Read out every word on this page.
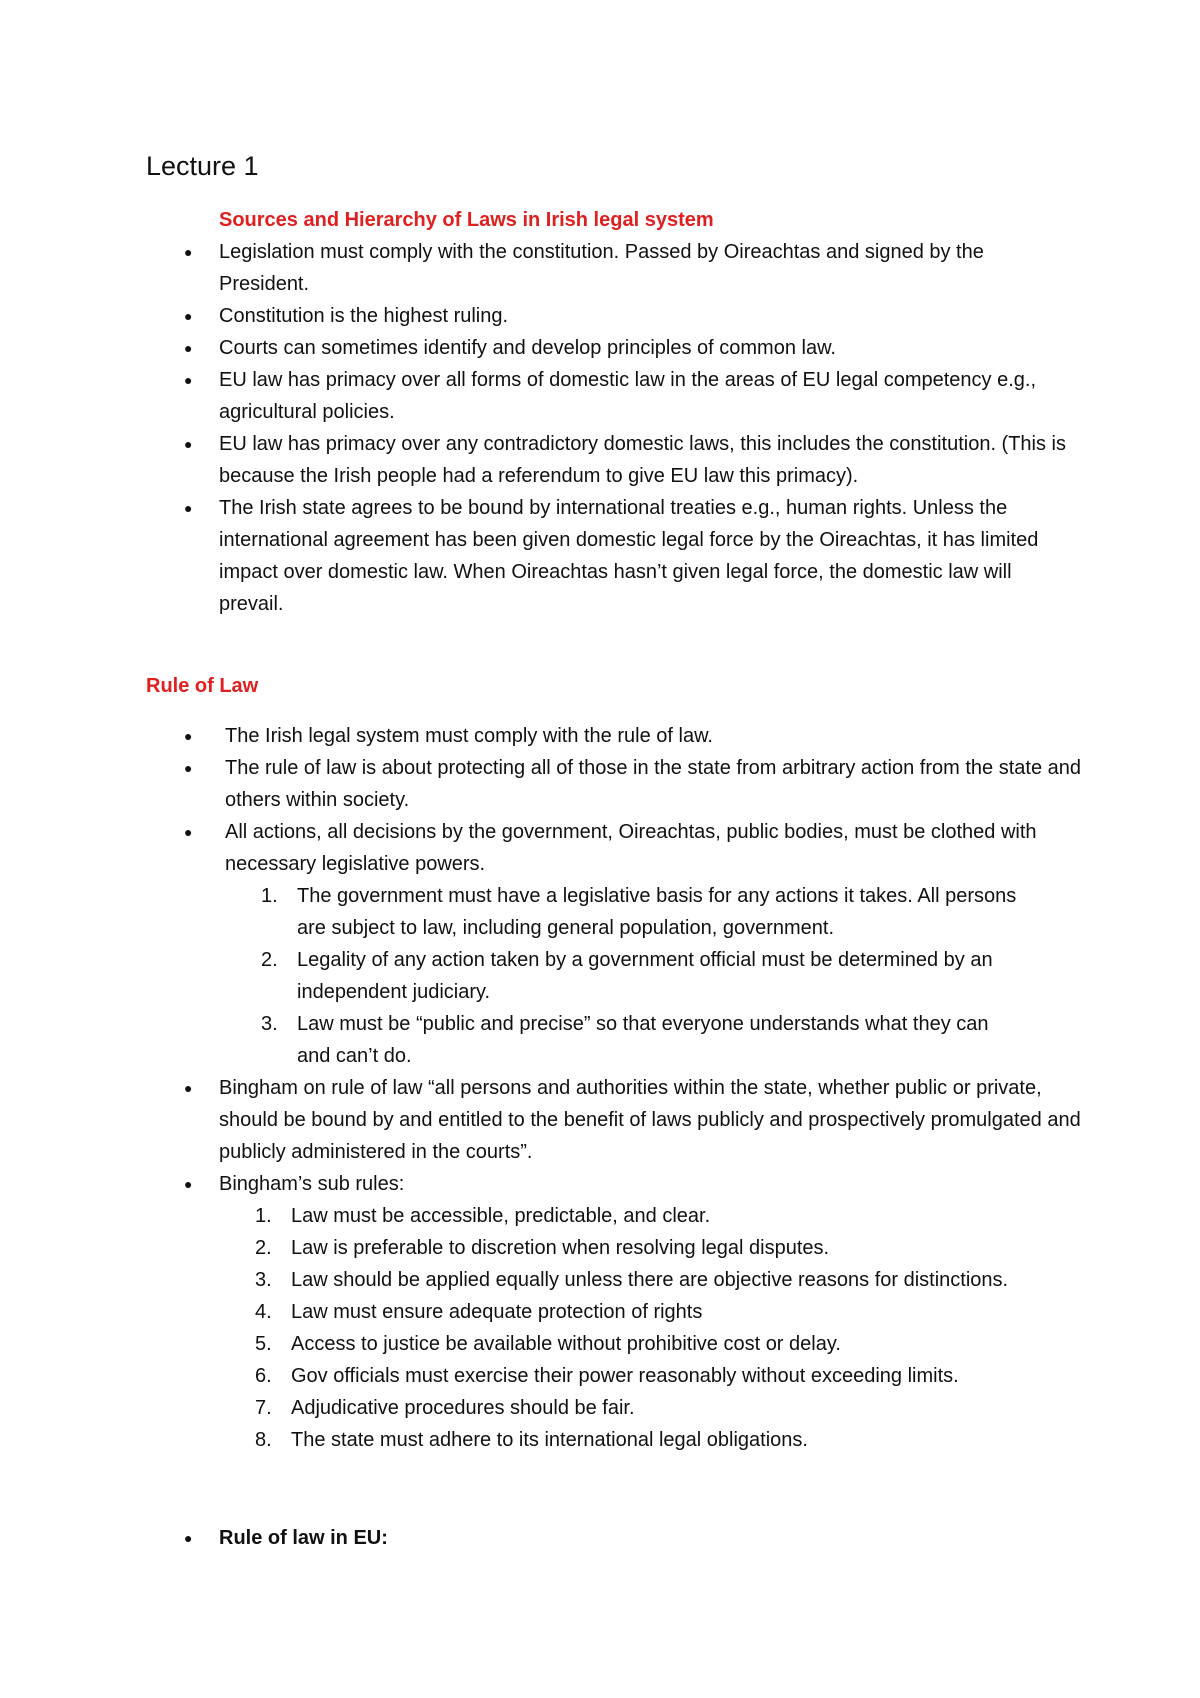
Lecture 1
Sources and Hierarchy of Laws in Irish legal system
● Legislation must comply with the constitution. Passed by Oireachtas and signed by the President.
● Constitution is the highest ruling.
● Courts can sometimes identify and develop principles of common law.
● EU law has primacy over all forms of domestic law in the areas of EU legal competency e.g., agricultural policies.
● EU law has primacy over any contradictory domestic laws, this includes the constitution. (This is because the Irish people had a referendum to give EU law this primacy).
● The Irish state agrees to be bound by international treaties e.g., human rights. Unless the international agreement has been given domestic legal force by the Oireachtas, it has limited impact over domestic law. When Oireachtas hasn’t given legal force, the domestic law will prevail.
Rule of Law
● The Irish legal system must comply with the rule of law.
● The rule of law is about protecting all of those in the state from arbitrary action from the state and others within society.
● All actions, all decisions by the government, Oireachtas, public bodies, must be clothed with necessary legislative powers.
1. The government must have a legislative basis for any actions it takes. All persons are subject to law, including general population, government.
2. Legality of any action taken by a government official must be determined by an independent judiciary.
3. Law must be “public and precise” so that everyone understands what they can and can’t do.
● Bingham on rule of law “all persons and authorities within the state, whether public or private, should be bound by and entitled to the benefit of laws publicly and prospectively promulgated and publicly administered in the courts”.
● Bingham’s sub rules:
1. Law must be accessible, predictable, and clear.
2. Law is preferable to discretion when resolving legal disputes.
3. Law should be applied equally unless there are objective reasons for distinctions.
4. Law must ensure adequate protection of rights
5. Access to justice be available without prohibitive cost or delay.
6. Gov officials must exercise their power reasonably without exceeding limits.
7. Adjudicative procedures should be fair.
8. The state must adhere to its international legal obligations.
● Rule of law in EU:
